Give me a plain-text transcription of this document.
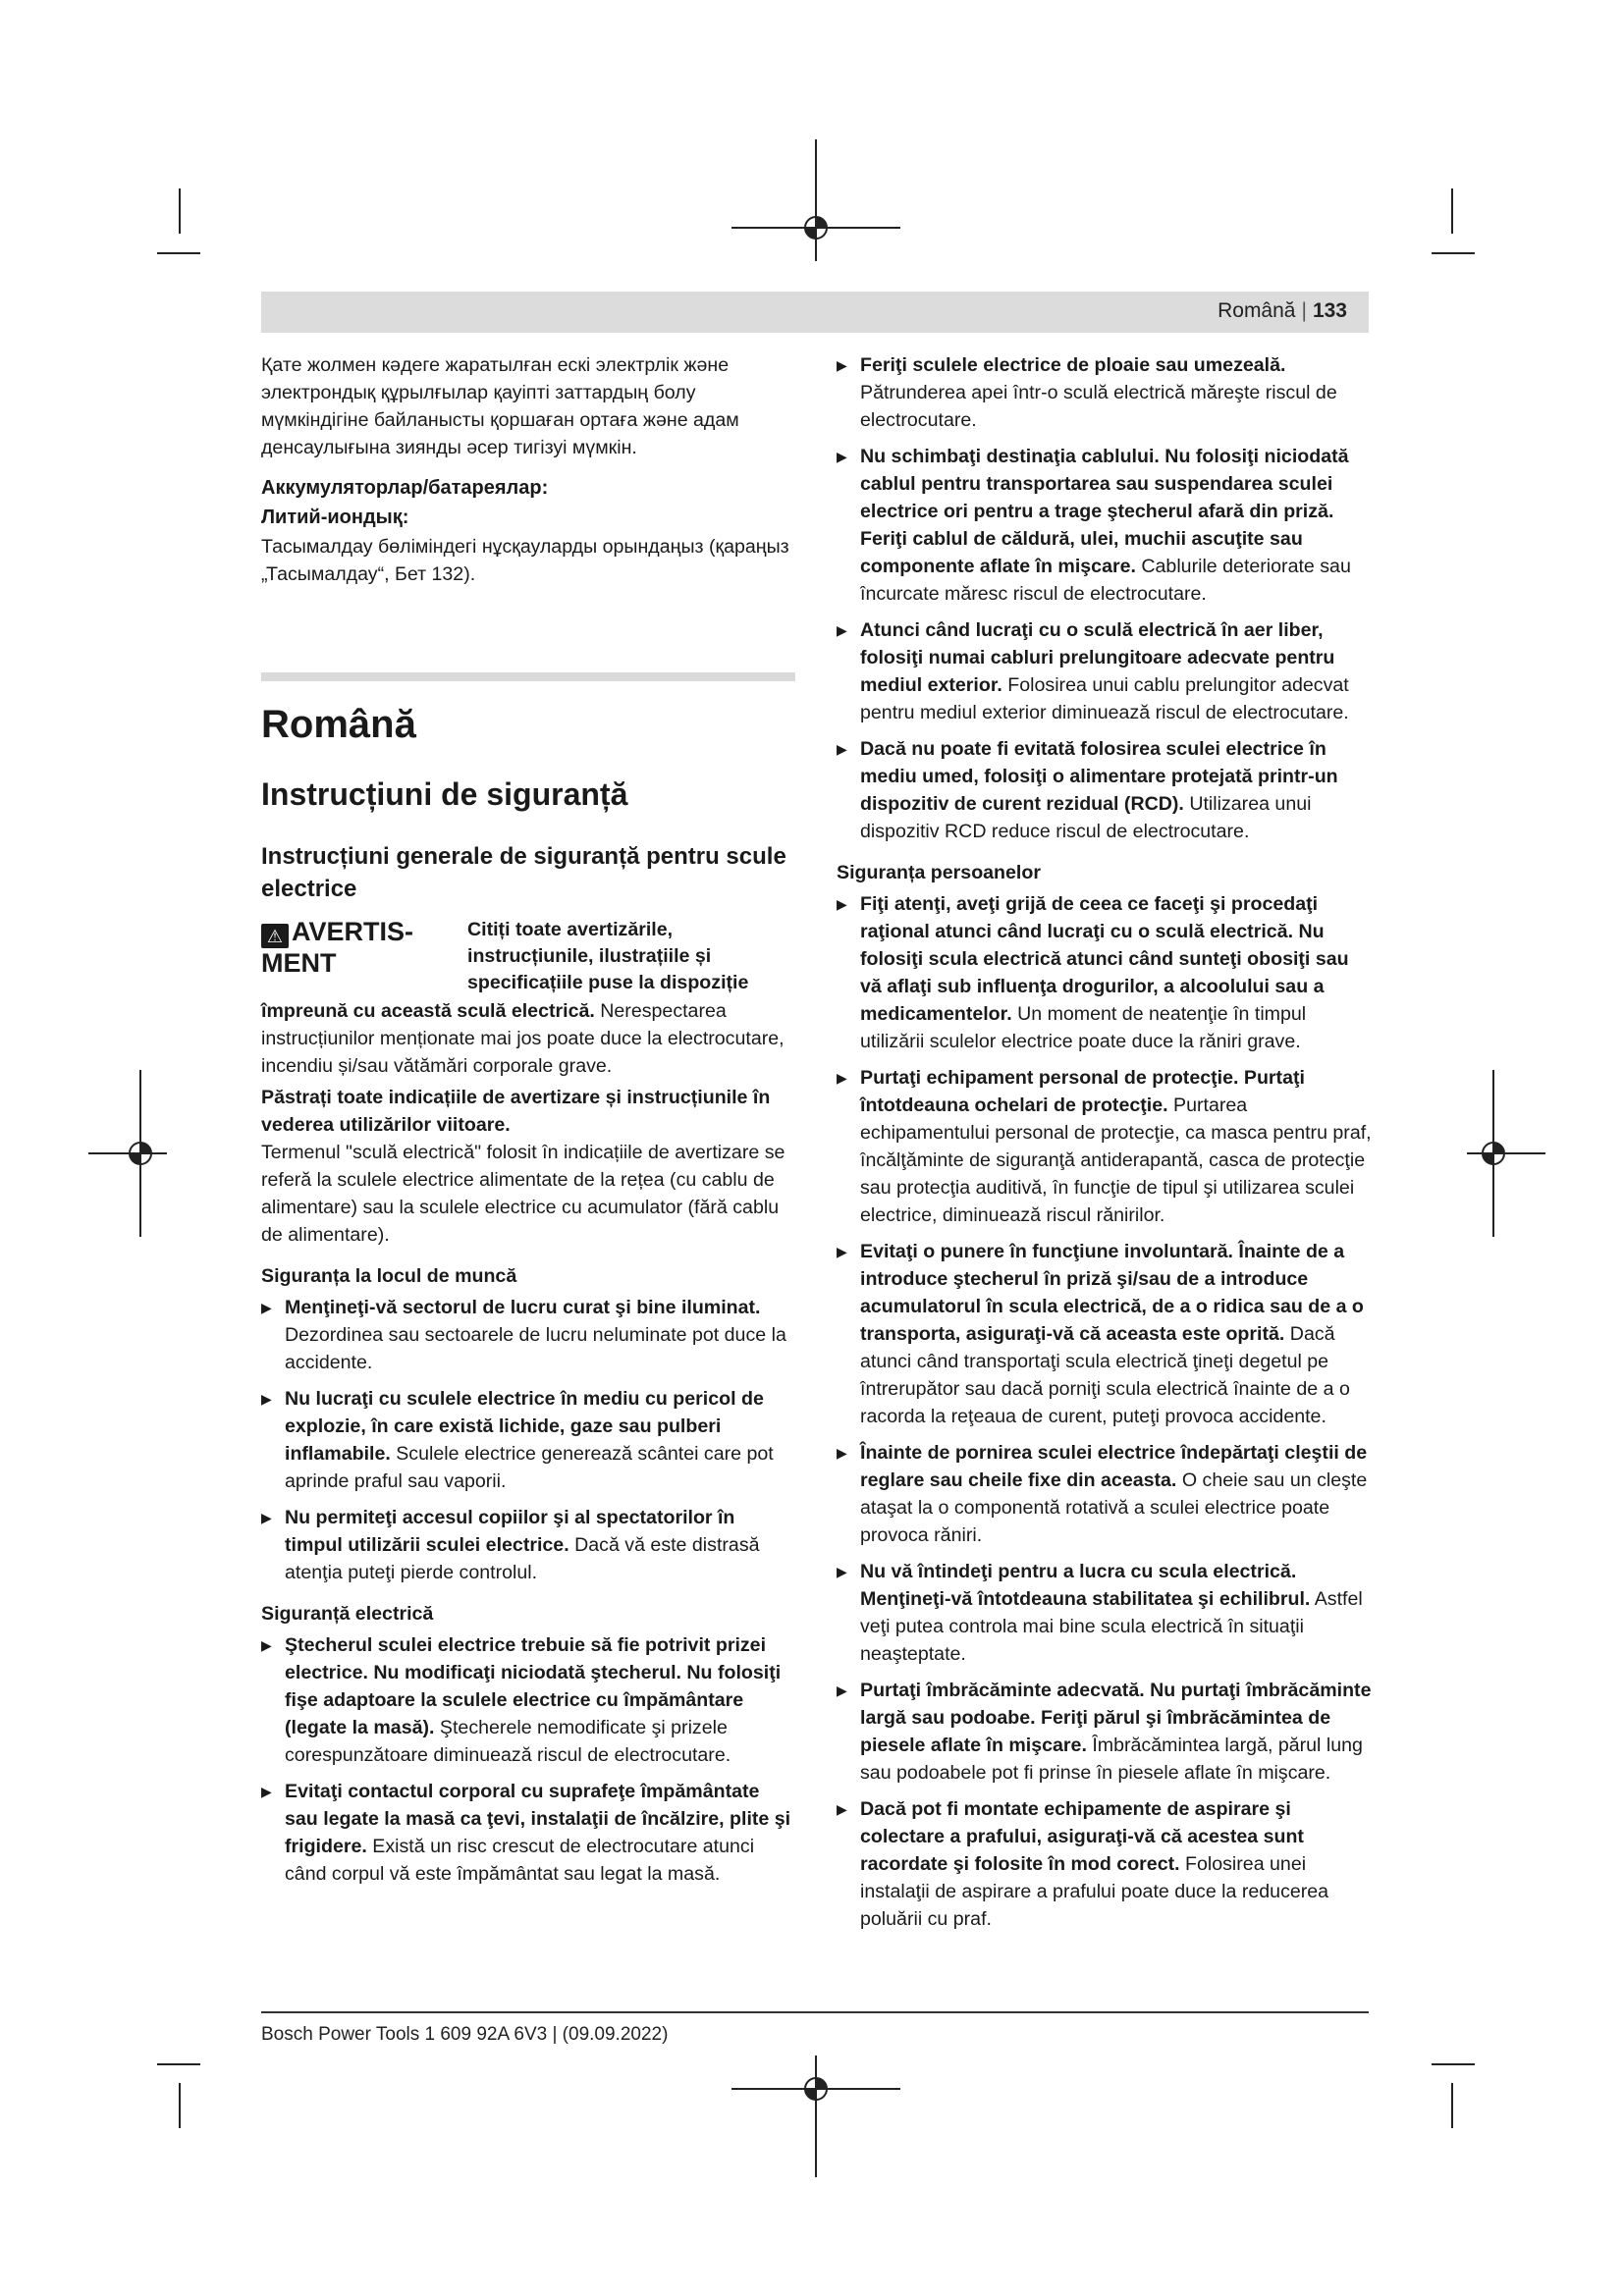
Română | 133

Қате жолмен кәдеге жаратылған ескі электрлік және электрондық құрылғылар қауіпті заттардың болу мүмкіндігіне байланысты қоршаған ортаға және адам денсаулығына зиянды әсер тигізуі мүмкін.

Аккумуляторлар/батареялар:

Литий-иондық:

Тасымалдау бөліміндегі нұсқауларды орындаңыз (қараңыз „Тасымалдау“, Бет 132).

Română
Instrucțiuni de siguranță
Instrucțiuni generale de siguranță pentru scule electrice
⚠ AVERTIS-
MENT

Citiți toate avertizările, instrucțiunile, ilustrațiile și specificațiile puse la dispoziție

împreună cu această sculă electrică. Nerespectarea instrucțiunilor menționate mai jos poate duce la electrocutare, incendiu și/sau vătămări corporale grave.

Păstrați toate indicațiile de avertizare și instrucțiunile în vederea utilizărilor viitoare.

Termenul "sculă electrică" folosit în indicațiile de avertizare se referă la sculele electrice alimentate de la rețea (cu cablu de alimentare) sau la sculele electrice cu acumulator (fără cablu de alimentare).

Siguranța la locul de muncă

▶ Menţineţi-vă sectorul de lucru curat şi bine iluminat. Dezordinea sau sectoarele de lucru neluminate pot duce la accidente.
▶ Nu lucraţi cu sculele electrice în mediu cu pericol de explozie, în care există lichide, gaze sau pulberi inflamabile. Sculele electrice generează scântei care pot aprinde praful sau vaporii.
▶ Nu permiteţi accesul copiilor şi al spectatorilor în timpul utilizării sculei electrice. Dacă vă este distrasă atenţia puteţi pierde controlul.

Siguranță electrică

▶ Ştecherul sculei electrice trebuie să fie potrivit prizei electrice. Nu modificaţi niciodată ştecherul. Nu folosiţi fişe adaptoare la sculele electrice cu împământare (legate la masă). Ştecherele nemodificate şi prizele corespunzătoare diminuează riscul de electrocutare.
▶ Evitaţi contactul corporal cu suprafeţe împământate sau legate la masă ca ţevi, instalaţii de încălzire, plite şi frigidere. Există un risc crescut de electrocutare atunci când corpul vă este împământat sau legat la masă.
▶ Feriţi sculele electrice de ploaie sau umezeală. Pătrunderea apei într-o sculă electrică măreşte riscul de electrocutare.
▶ Nu schimbaţi destinaţia cablului. Nu folosiţi niciodată cablul pentru transportarea sau suspendarea sculei electrice ori pentru a trage ştecherul afară din priză. Feriţi cablul de căldură, ulei, muchii ascuţite sau componente aflate în mişcare. Cablurile deteriorate sau încurcate măresc riscul de electrocutare.
▶ Atunci când lucraţi cu o sculă electrică în aer liber, folosiţi numai cabluri prelungitoare adecvate pentru mediul exterior. Folosirea unui cablu prelungitor adecvat pentru mediul exterior diminuează riscul de electrocutare.
▶ Dacă nu poate fi evitată folosirea sculei electrice în mediu umed, folosiţi o alimentare protejată printr-un dispozitiv de curent rezidual (RCD). Utilizarea unui dispozitiv RCD reduce riscul de electrocutare.

Siguranța persoanelor

▶ Fiţi atenţi, aveţi grijă de ceea ce faceţi şi procedaţi raţional atunci când lucraţi cu o sculă electrică. Nu folosiţi scula electrică atunci când sunteţi obosiţi sau vă aflaţi sub influenţa drogurilor, a alcoolului sau a medicamentelor. Un moment de neatenţie în timpul utilizării sculelor electrice poate duce la răniri grave.
▶ Purtaţi echipament personal de protecţie. Purtaţi întotdeauna ochelari de protecţie. Purtarea echipamentului personal de protecţie, ca masca pentru praf, încălţăminte de siguranţă antiderapantă, casca de protecţie sau protecţia auditivă, în funcţie de tipul şi utilizarea sculei electrice, diminuează riscul rănirilor.
▶ Evitaţi o punere în funcţiune involuntară. Înainte de a introduce ştecherul în priză şi/sau de a introduce acumulatorul în scula electrică, de a o ridica sau de a o transporta, asiguraţi-vă că aceasta este oprită. Dacă atunci când transportaţi scula electrică ţineţi degetul pe întrerupător sau dacă porniţi scula electrică înainte de a o racorda la reţeaua de curent, puteţi provoca accidente.
▶ Înainte de pornirea sculei electrice îndepărtaţi cleştii de reglare sau cheile fixe din aceasta. O cheie sau un cleşte ataşat la o componentă rotativă a sculei electrice poate provoca răniri.
▶ Nu vă întindeţi pentru a lucra cu scula electrică. Menţineţi-vă întotdeauna stabilitatea şi echilibrul. Astfel veţi putea controla mai bine scula electrică în situaţii neaşteptate.
▶ Purtaţi îmbrăcăminte adecvată. Nu purtaţi îmbrăcăminte largă sau podoabe. Feriţi părul şi îmbrăcămintea de piesele aflate în mişcare. Îmbrăcămintea largă, părul lung sau podoabele pot fi prinse în piesele aflate în mişcare.
▶ Dacă pot fi montate echipamente de aspirare şi colectare a prafului, asiguraţi-vă că acestea sunt racordate şi folosite în mod corect. Folosirea unei instalaţii de aspirare a prafului poate duce la reducerea poluării cu praf.
Bosch Power Tools 1 609 92A 6V3 | (09.09.2022)
